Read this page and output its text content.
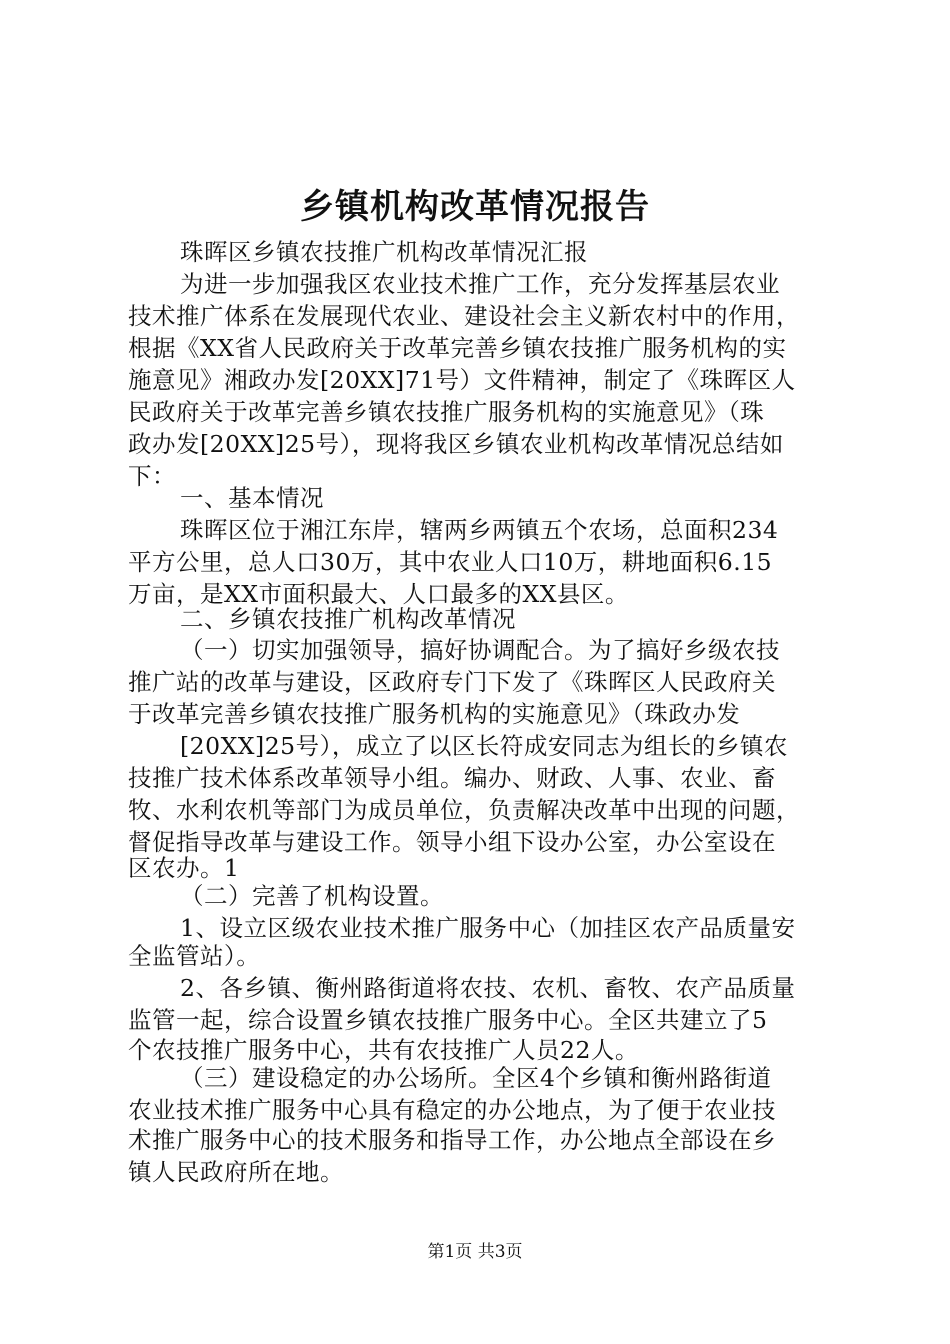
乡镇机构改革情况报告
珠晖区乡镇农技推广机构改革情况汇报
为进一步加强我区农业技术推广工作，充分发挥基层农业
技术推广体系在发展现代农业、建设社会主义新农村中的作用，
根据《XX省人民政府关于改革完善乡镇农技推广服务机构的实
施意见》湘政办发[20XX]71号）文件精神，制定了《珠晖区人
民政府关于改革完善乡镇农技推广服务机构的实施意见》（珠
政办发[20XX]25号），现将我区乡镇农业机构改革情况总结如
下：
一、基本情况
珠晖区位于湘江东岸，辖两乡两镇五个农场，总面积234
平方公里，总人口30万，其中农业人口10万，耕地面积6.15
万亩，是XX市面积最大、人口最多的XX县区。
二、乡镇农技推广机构改革情况
（一）切实加强领导，搞好协调配合。为了搞好乡级农技
推广站的改革与建设，区政府专门下发了《珠晖区人民政府关
于改革完善乡镇农技推广服务机构的实施意见》（珠政办发
[20XX]25号），成立了以区长符成安同志为组长的乡镇农
技推广技术体系改革领导小组。编办、财政、人事、农业、畜
牧、水利农机等部门为成员单位，负责解决改革中出现的问题，
督促指导改革与建设工作。领导小组下设办公室，办公室设在
区农办。1
（二）完善了机构设置。
1、设立区级农业技术推广服务中心（加挂区农产品质量安
全监管站）。
2、各乡镇、衡州路街道将农技、农机、畜牧、农产品质量
监管一起，综合设置乡镇农技推广服务中心。全区共建立了5
个农技推广服务中心，共有农技推广人员22人。
（三）建设稳定的办公场所。全区4个乡镇和衡州路街道
农业技术推广服务中心具有稳定的办公地点，为了便于农业技
术推广服务中心的技术服务和指导工作，办公地点全部设在乡
镇人民政府所在地。
第1页 共3页
